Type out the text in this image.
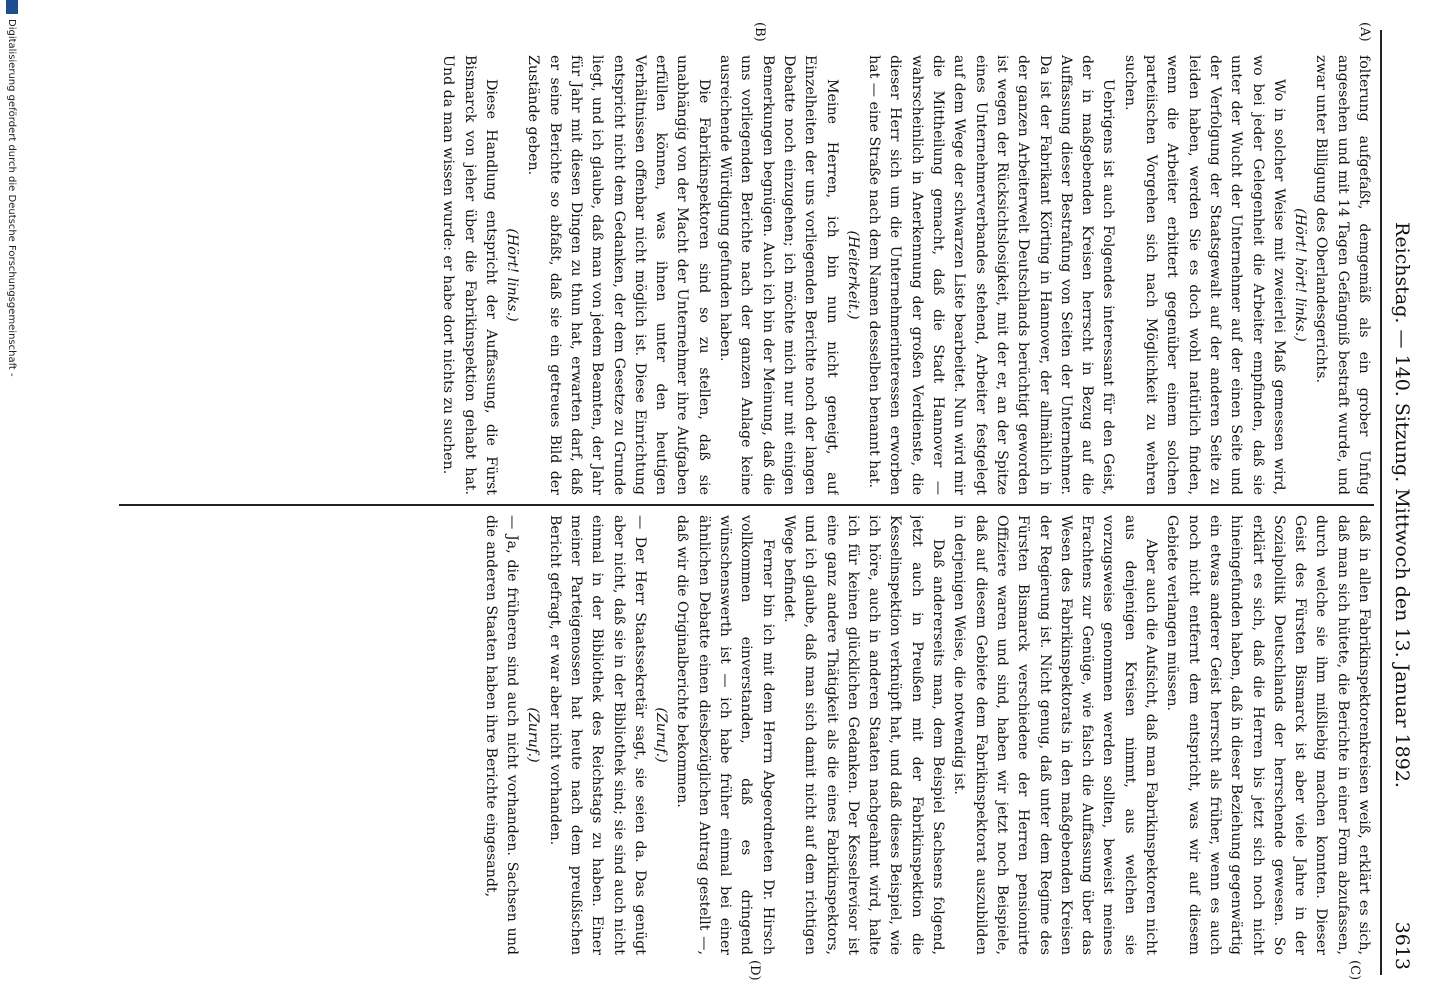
Reichstag. — 140. Sitzung. Mittwoch den 13. Januar 1892.
3613
(A)
(B)
(C)
(D)

folterung aufgefaßt, demgemäß als ein grober Unfug angesehen und mit 14 Tagen Gefängniß bestraft wurde, und zwar unter Billigung des Oberlandesgerichts.

(Hört! hört! links.)

Wo in solcher Weise mit zweierlei Maß gemessen wird, wo bei jeder Gelegenheit die Arbeiter empfinden, daß sie unter der Wucht der Unternehmer auf der einen Seite und der Verfolgung der Staatsgewalt auf der anderen Seite zu leiden haben, werden Sie es doch wohl natürlich finden, wenn die Arbeiter erbittert gegenüber einem solchen parteiischen Vorgehen sich nach Möglichkeit zu wehren suchen.

Uebrigens ist auch Folgendes interessant für den Geist, der in maßgebenden Kreisen herrscht in Bezug auf die Auffassung dieser Bestrafung von Seiten der Unternehmer. Da ist der Fabrikant Körting in Hannover, der allmählich in der ganzen Arbeiterwelt Deutschlands berüchtigt geworden ist wegen der Rücksichtslosigkeit, mit der er, an der Spitze eines Unternehmerverbandes stehend, Arbeiter festgelegt auf dem Wege der schwarzen Liste bearbeitet. Nun wird mir die Mittheilung gemacht, daß die Stadt Hannover — wahrscheinlich in Anerkennung der großen Verdienste, die dieser Herr sich um die Unternehmerinteressen erworben hat — eine Straße nach dem Namen desselben benannt hat.

(Heiterkeit.)

Meine Herren, ich bin nun nicht geneigt, auf Einzelheiten der uns vorliegenden Berichte noch der langen Debatte noch einzugehen; ich möchte mich nur mit einigen Bemerkungen begnügen. Auch ich bin der Meinung, daß die uns vorliegenden Berichte nach der ganzen Anlage keine ausreichende Würdigung gefunden haben.

Die Fabrikinspektoren sind so zu stellen, daß sie unabhängig von der Macht der Unternehmer ihre Aufgaben erfüllen können, was ihnen unter den heutigen Verhältnissen offenbar nicht möglich ist. Diese Einrichtung entspricht nicht dem Gedanken, der dem Gesetze zu Grunde liegt, und ich glaube, daß man von jedem Beamten, der Jahr für Jahr mit diesen Dingen zu thun hat, erwarten darf, daß er seine Berichte so abfaßt, daß sie ein getreues Bild der Zustände geben.

(Hört! links.)

Diese Handlung entspricht der Auffassung, die Fürst Bismarck von jeher über die Fabrikinspektion gehabt hat. Und da man wissen wurde: er habe dort nichts zu suchen.

daß in allen Fabrikinspektorenkreisen weiß, erklärt es sich, daß man sich hütete, die Berichte in einer Form abzufassen, durch welche sie ihm mißliebig machen konnten. Dieser Geist des Fürsten Bismarck ist aber viele Jahre in der Sozialpolitik Deutschlands der herrschende gewesen. So erklärt es sich, daß die Herren bis jetzt sich noch nicht hineingefunden haben, daß in dieser Beziehung gegenwärtig ein etwas anderer Geist herrscht als früher, wenn es auch noch nicht entfernt dem entspricht, was wir auf diesem Gebiete verlangen müssen.

Aber auch die Aufsicht, daß man Fabrikinspektoren nicht aus denjenigen Kreisen nimmt, aus welchen sie vorzugsweise genommen werden sollten, beweist meines Erachtens zur Genüge, wie falsch die Auffassung über das Wesen des Fabrikinspektorats in den maßgebenden Kreisen der Regierung ist. Nicht genug, daß unter dem Regime des Fürsten Bismarck verschiedene der Herren pensionirte Offiziere waren und sind, haben wir jetzt noch Beispiele, daß auf diesem Gebiete dem Fabrikinspektorat auszubilden in derjenigen Weise, die notwendig ist.

Daß andererseits man, dem Beispiel Sachsens folgend, jetzt auch in Preußen mit der Fabrikinspektion die Kesselinspektion verknüpft hat, und daß dieses Beispiel, wie ich höre, auch in anderen Staaten nachgeahmt wird, halte ich für keinen glücklichen Gedanken. Der Kesselrevisor ist eine ganz andere Thätigkeit als die eines Fabrikinspektors, und ich glaube, daß man sich damit nicht auf dem richtigen Wege befindet.

Ferner bin ich mit dem Herrn Abgeordneten Dr. Hirsch vollkommen einverstanden, daß es dringend wünschenswerth ist — ich habe früher einmal bei einer ähnlichen Debatte einen diesbezüglichen Antrag gestellt —, daß wir die Originalberichte bekommen.

(Zuruf.)

— Der Herr Staatssekretär sagt, sie seien da. Das genügt aber nicht, daß sie in der Bibliothek sind; sie sind auch nicht einmal in der Bibliothek des Reichstags zu haben. Einer meiner Parteigenossen hat heute nach dem preußischen Bericht gefragt, er war aber nicht vorhanden.

(Zuruf.)

— Ja, die früheren sind auch nicht vorhanden. Sachsen und die anderen Staaten haben ihre Berichte eingesandt,

Digitalisierung gefördert durch die Deutsche Forschungsgemeinschaft -
